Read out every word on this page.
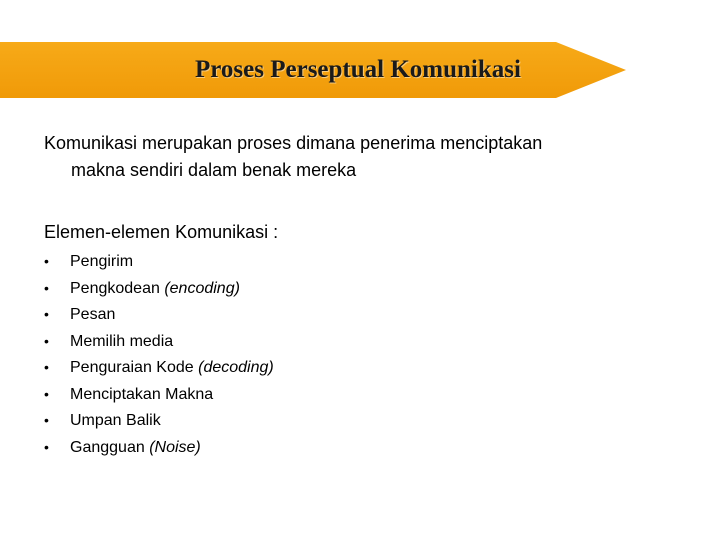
Proses Perseptual Komunikasi
Komunikasi merupakan proses dimana penerima menciptakan
makna sendiri dalam benak mereka
Elemen-elemen Komunikasi :
• Pengirim
• Pengkodean (encoding)
• Pesan
• Memilih media
• Penguraian Kode (decoding)
• Menciptakan Makna
• Umpan Balik
• Gangguan (Noise)
